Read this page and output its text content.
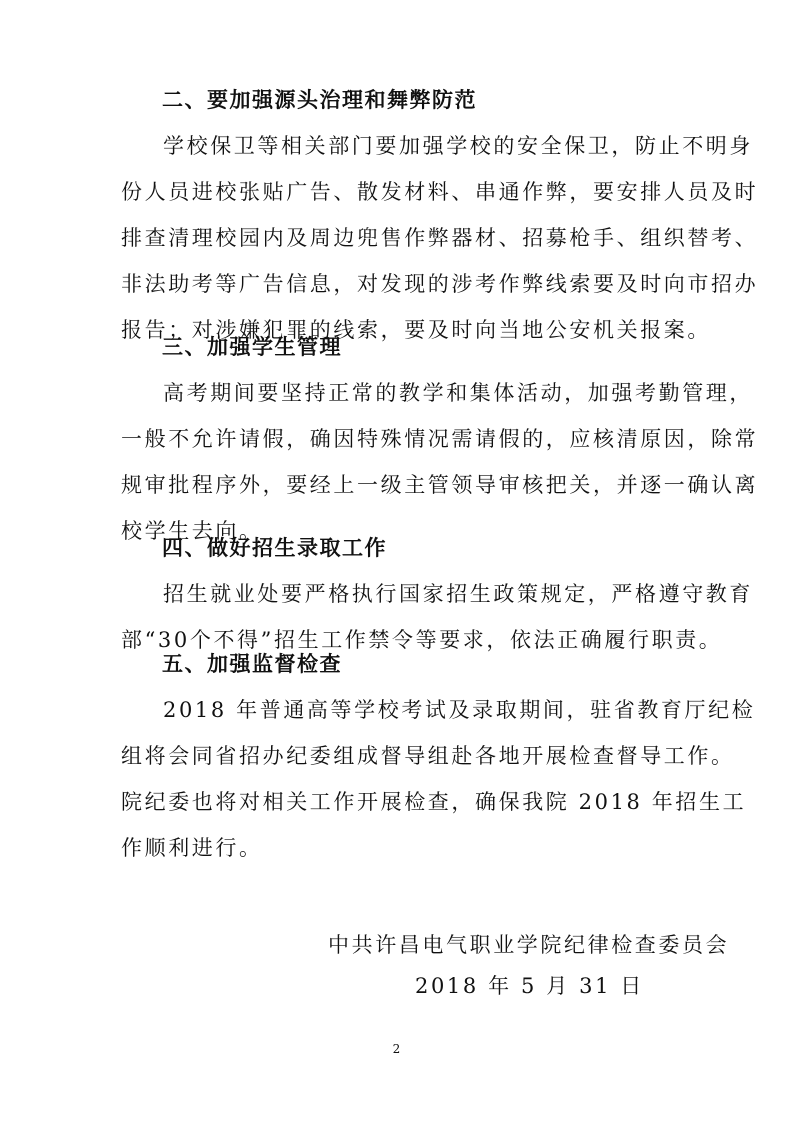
二、要加强源头治理和舞弊防范
学校保卫等相关部门要加强学校的安全保卫，防止不明身
份人员进校张贴广告、散发材料、串通作弊，要安排人员及时
排查清理校园内及周边兜售作弊器材、招募枪手、组织替考、
非法助考等广告信息，对发现的涉考作弊线索要及时向市招办
报告；对涉嫌犯罪的线索，要及时向当地公安机关报案。
三、加强学生管理
高考期间要坚持正常的教学和集体活动，加强考勤管理，
一般不允许请假，确因特殊情况需请假的，应核清原因，除常
规审批程序外，要经上一级主管领导审核把关，并逐一确认离
校学生去向。
四、做好招生录取工作
招生就业处要严格执行国家招生政策规定，严格遵守教育
部“30个不得”招生工作禁令等要求，依法正确履行职责。
五、加强监督检查
2018 年普通高等学校考试及录取期间，驻省教育厅纪检
组将会同省招办纪委组成督导组赴各地开展检查督导工作。
院纪委也将对相关工作开展检查，确保我院 2018 年招生工
作顺利进行。
中共许昌电气职业学院纪律检查委员会
2018 年 5 月 31 日
2
